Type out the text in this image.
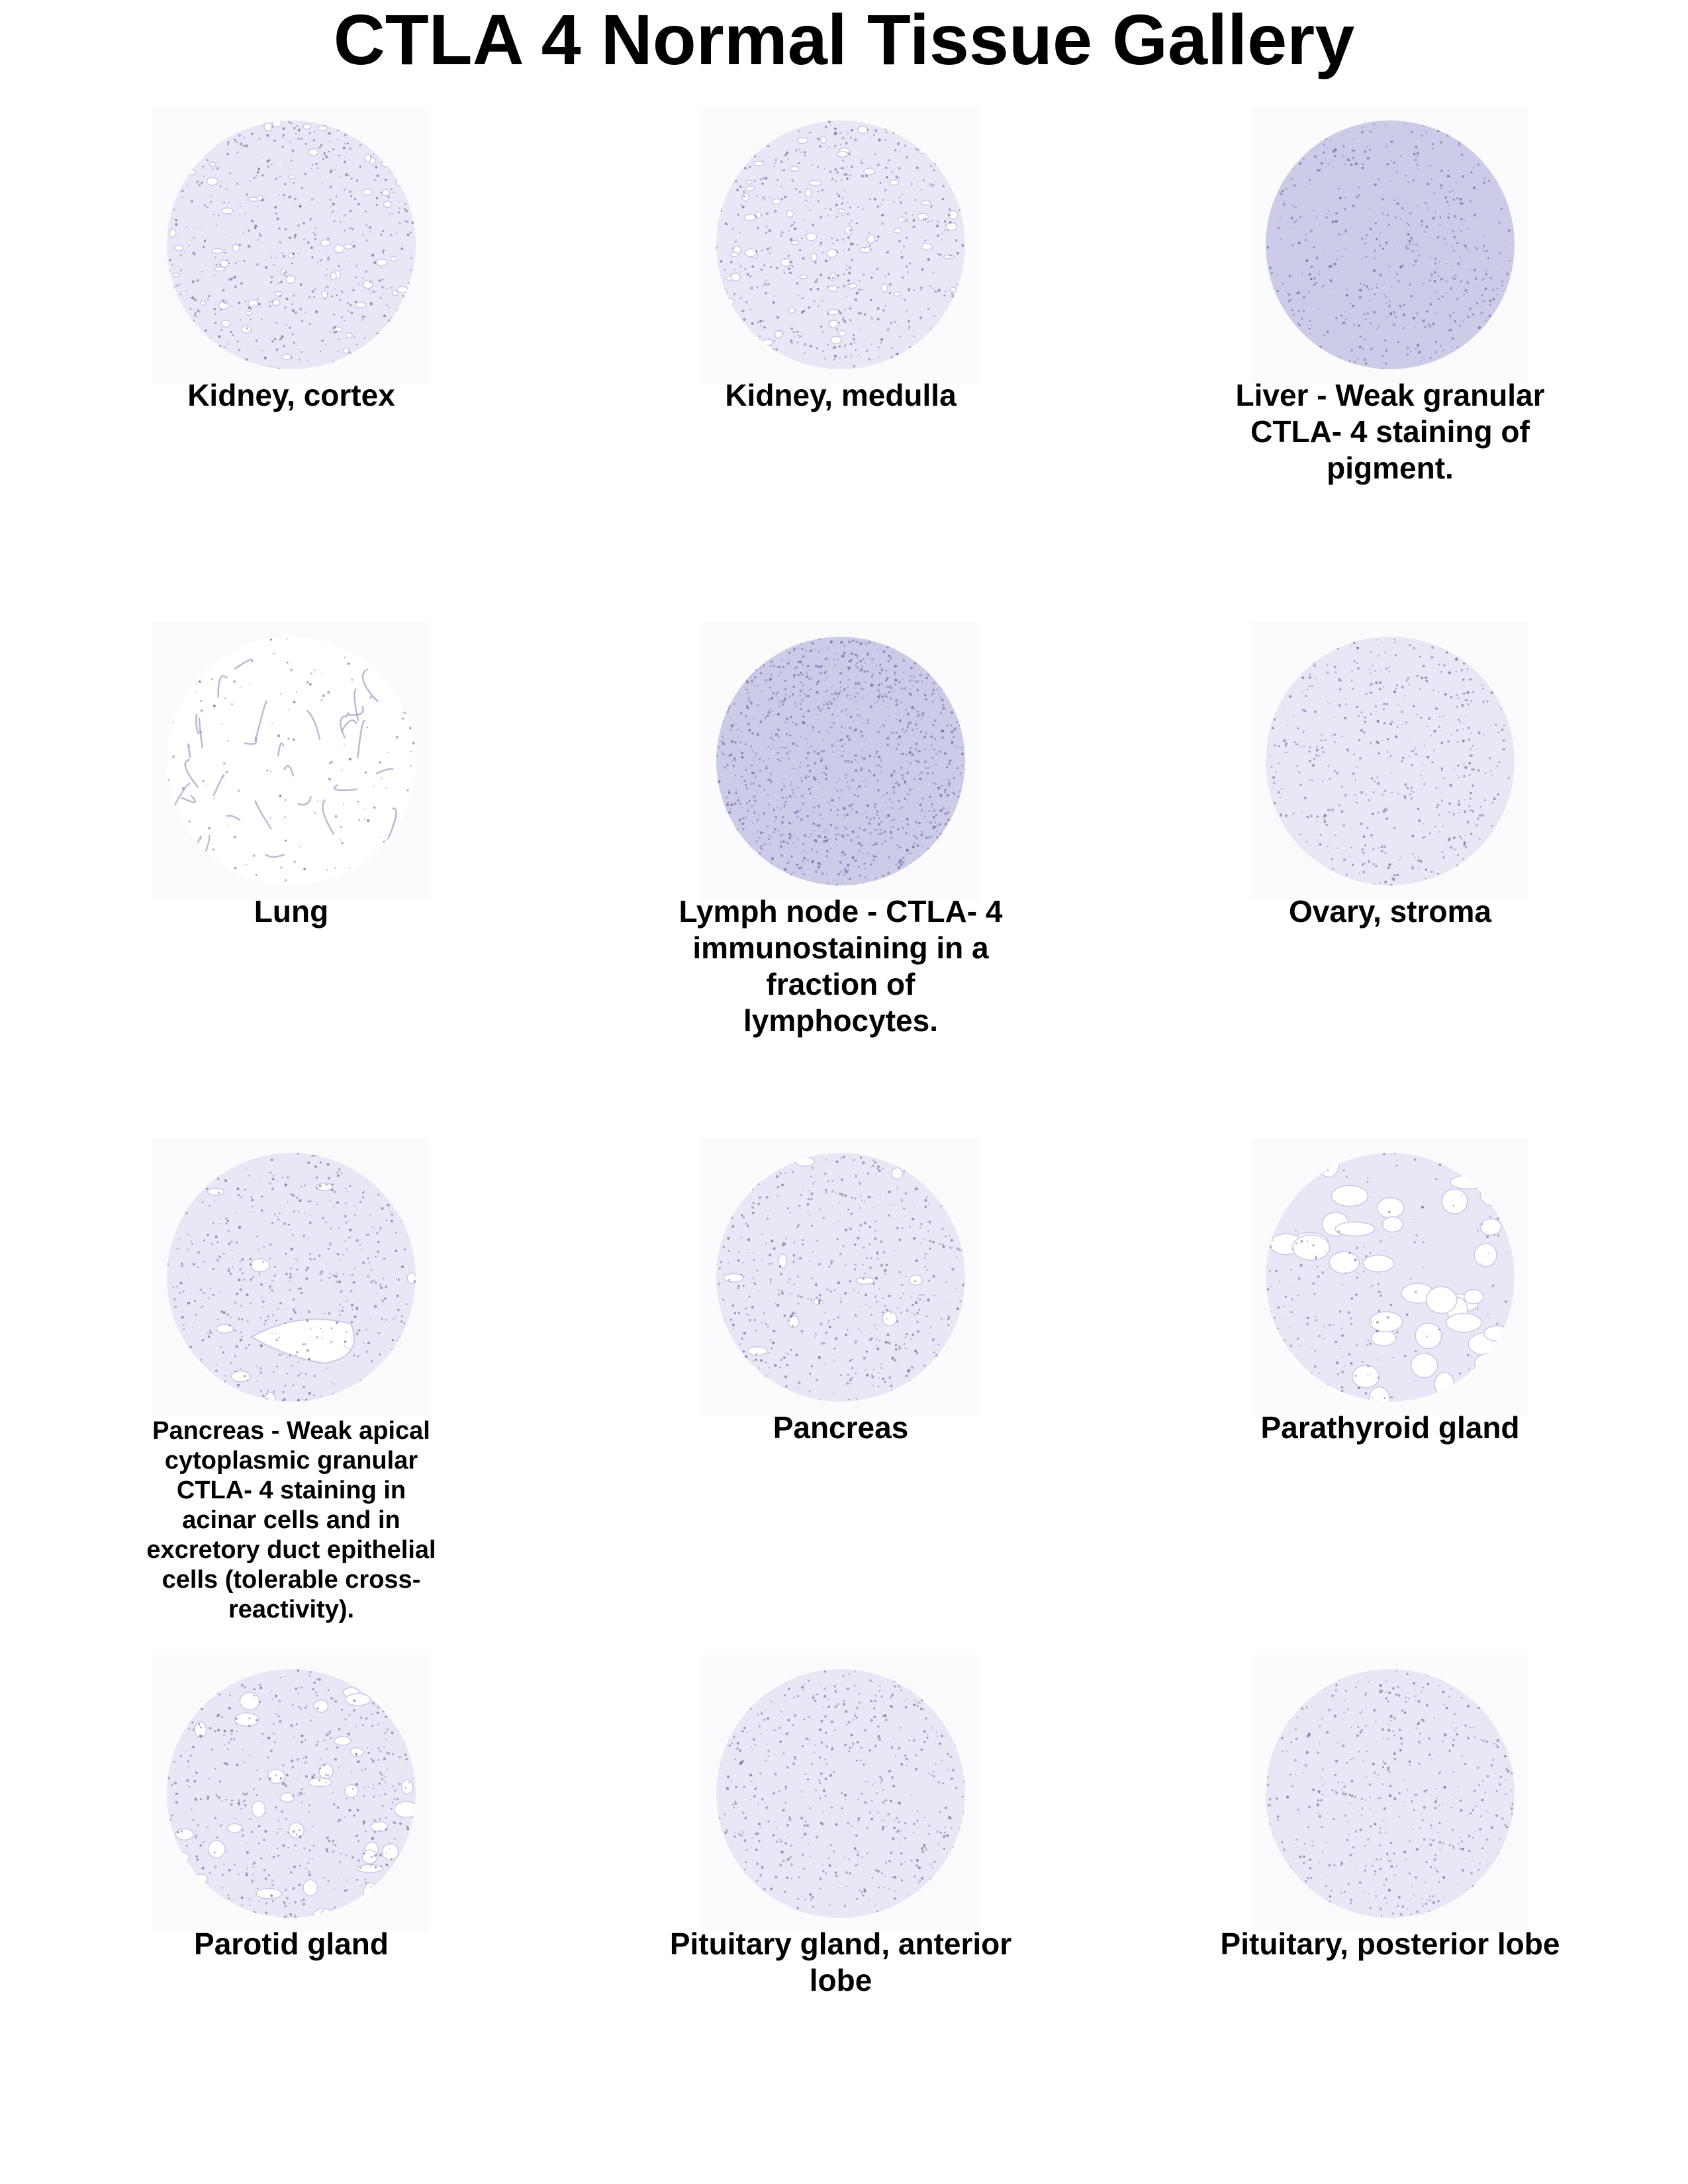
CTLA 4 Normal Tissue Gallery
Kidney, cortex	Kidney, medulla	Liver - Weak granular CTLA- 4 staining of pigment.
Lung	Lymph node - CTLA- 4 immunostaining in a fraction of lymphocytes.
Ovary, stroma
Pancreas - Weak apical cytoplasmic granular CTLA- 4 staining in acinar cells and in excretory duct epithelial cells (tolerable cross- reactivity).
Pancreas	Parathyroid gland
Parotid gland	Pituitary gland, anterior lobe
Pituitary, posterior lobe
